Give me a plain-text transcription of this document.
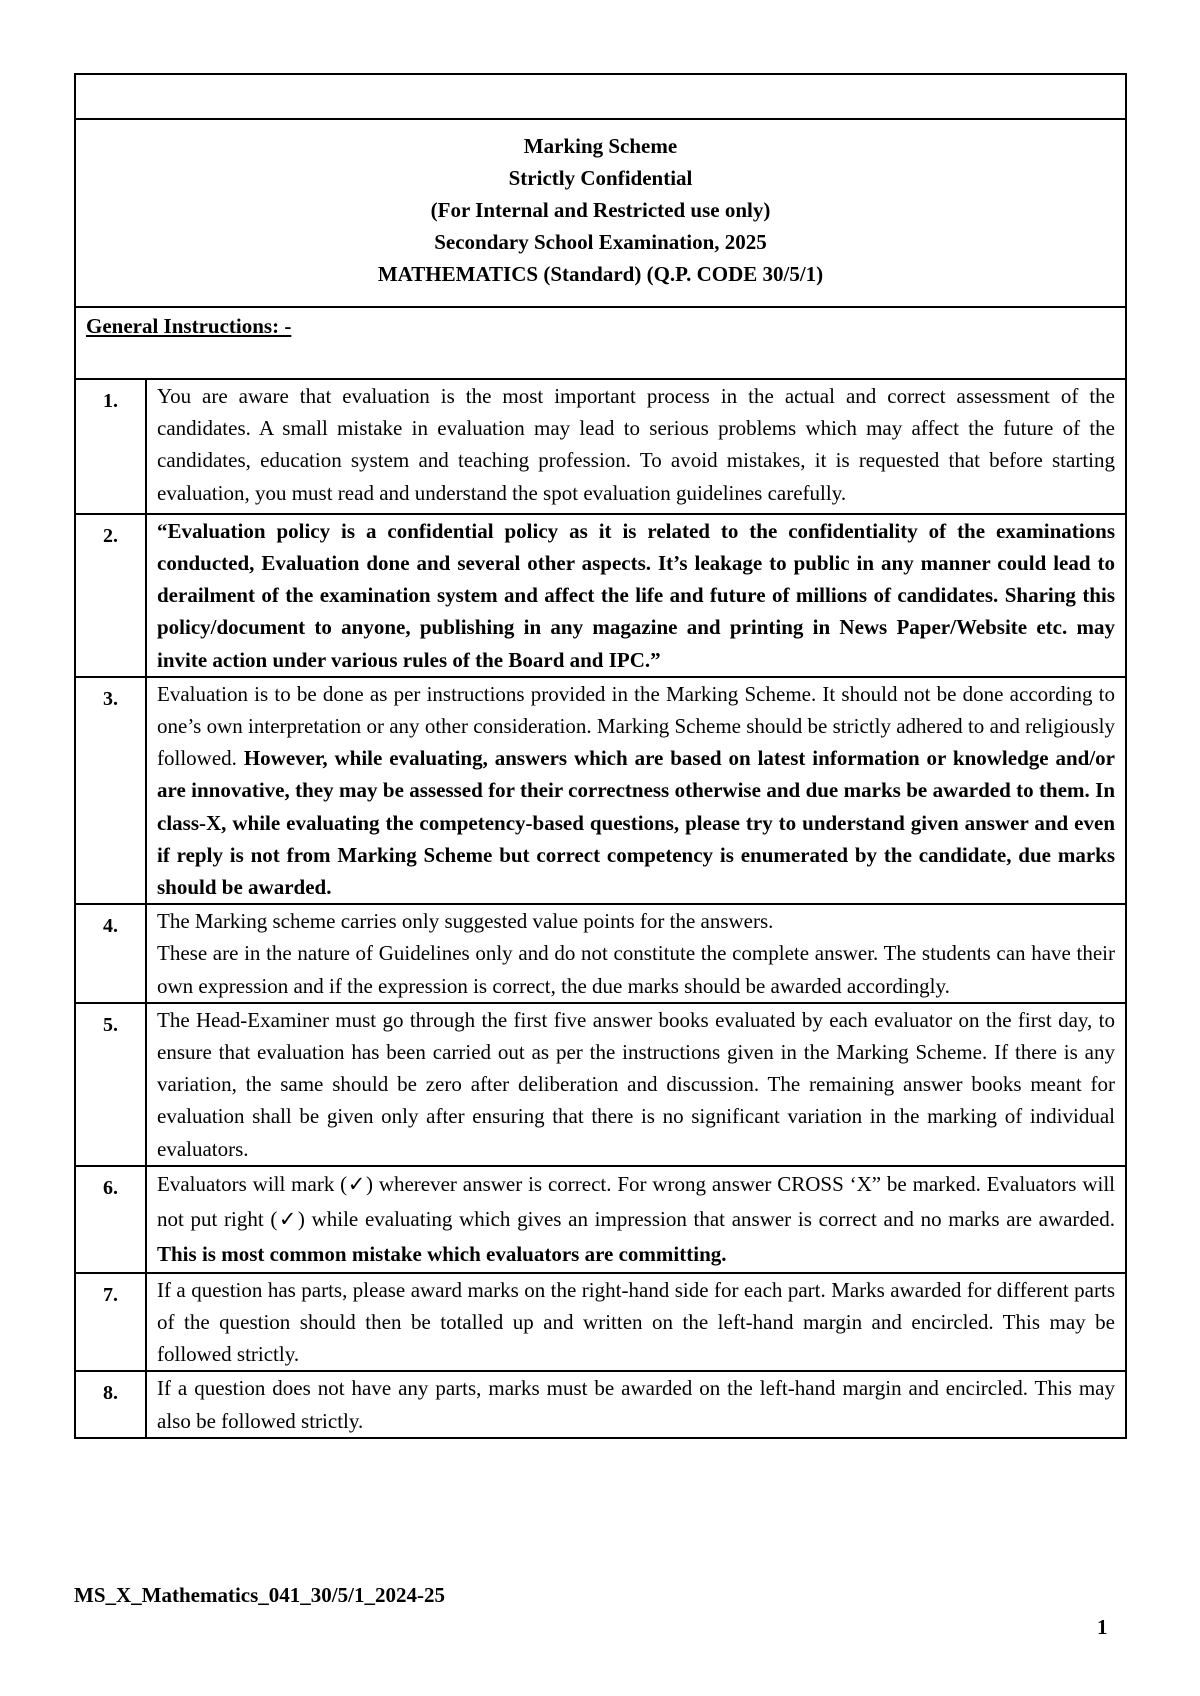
Marking Scheme
Strictly Confidential
(For Internal and Restricted use only)
Secondary School Examination, 2025
MATHEMATICS (Standard) (Q.P. CODE 30/5/1)	

General Instructions: -	
1.	You are aware that evaluation is the most important process in the actual and correct assessment of the candidates. A small mistake in evaluation may lead to serious problems which may affect the future of the candidates, education system and teaching profession. To avoid mistakes, it is requested that before starting evaluation, you must read and understand the spot evaluation guidelines carefully.
2.	“Evaluation policy is a confidential policy as it is related to the confidentiality of the examinations conducted, Evaluation done and several other aspects. It’s leakage to public in any manner could lead to derailment of the examination system and affect the life and future of millions of candidates. Sharing this policy/document to anyone, publishing in any magazine and printing in News Paper/Website etc. may invite action under various rules of the Board and IPC.”
3.	Evaluation is to be done as per instructions provided in the Marking Scheme. It should not be done according to one’s own interpretation or any other consideration. Marking Scheme should be strictly adhered to and religiously followed. However, while evaluating, answers which are based on latest information or knowledge and/or are innovative, they may be assessed for their correctness otherwise and due marks be awarded to them. In class-X, while evaluating the competency-based questions, please try to understand given answer and even if reply is not from Marking Scheme but correct competency is enumerated by the candidate, due marks should be awarded.
4.	The Marking scheme carries only suggested value points for the answers.
These are in the nature of Guidelines only and do not constitute the complete answer. The students can have their own expression and if the expression is correct, the due marks should be awarded accordingly.

5.	The Head-Examiner must go through the first five answer books evaluated by each evaluator on the first day, to ensure that evaluation has been carried out as per the instructions given in the Marking Scheme. If there is any variation, the same should be zero after deliberation and discussion. The remaining answer books meant for evaluation shall be given only after ensuring that there is no significant variation in the marking of individual evaluators.
6.	Evaluators will mark (✓) wherever answer is correct. For wrong answer CROSS ‘X” be marked. Evaluators will not put right (✓) while evaluating which gives an impression that answer is correct and no marks are awarded. This is most common mistake which evaluators are committing.
7.	If a question has parts, please award marks on the right-hand side for each part. Marks awarded for different parts of the question should then be totalled up and written on the left-hand margin and encircled. This may be followed strictly.
8.	If a question does not have any parts, marks must be awarded on the left-hand margin and encircled. This may also be followed strictly.
MS_X_Mathematics_041_30/5/1_2024-25
1
